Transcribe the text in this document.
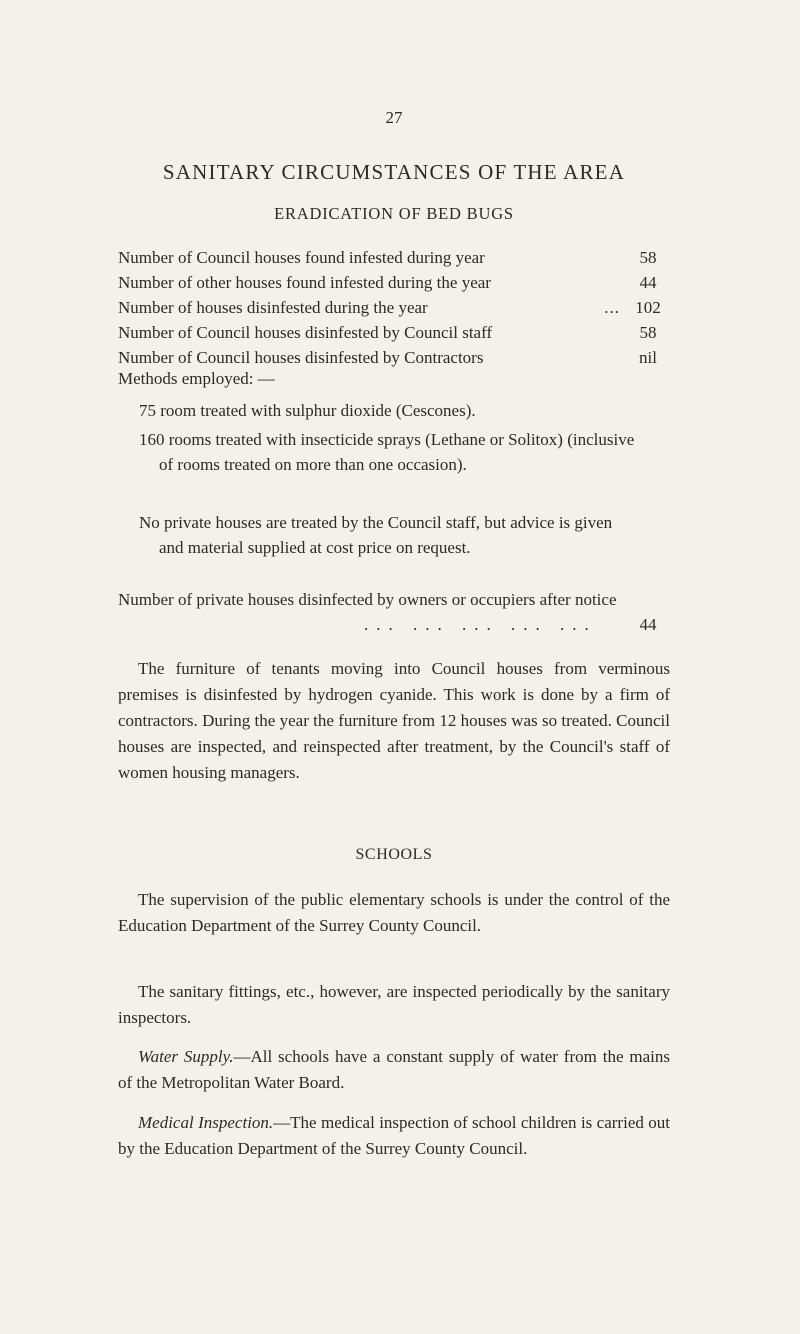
27
SANITARY CIRCUMSTANCES OF THE AREA
ERADICATION OF BED BUGS
Number of Council houses found infested during year	58
Number of other houses found infested during the year	44
Number of houses disinfested during the year	... 102
Number of Council houses disinfested by Council staff	58
Number of Council houses disinfested by Contractors	nil
Methods employed: —
75 room treated with sulphur dioxide (Cescones).
160 rooms treated with insecticide sprays (Lethane or Solitox) (inclusive of rooms treated on more than one occasion).
No private houses are treated by the Council staff, but advice is given and material supplied at cost price on request.
Number of private houses disinfected by owners or occupiers after notice
... ... ... ... ...	44
The furniture of tenants moving into Council houses from verminous premises is disinfested by hydrogen cyanide. This work is done by a firm of contractors. During the year the furniture from 12 houses was so treated. Council houses are inspected, and reinspected after treatment, by the Council's staff of women housing managers.
SCHOOLS
The supervision of the public elementary schools is under the control of the Education Department of the Surrey County Council.
The sanitary fittings, etc., however, are inspected periodically by the sanitary inspectors.
Water Supply.—All schools have a constant supply of water from the mains of the Metropolitan Water Board.
Medical Inspection.—The medical inspection of school children is carried out by the Education Department of the Surrey County Council.
